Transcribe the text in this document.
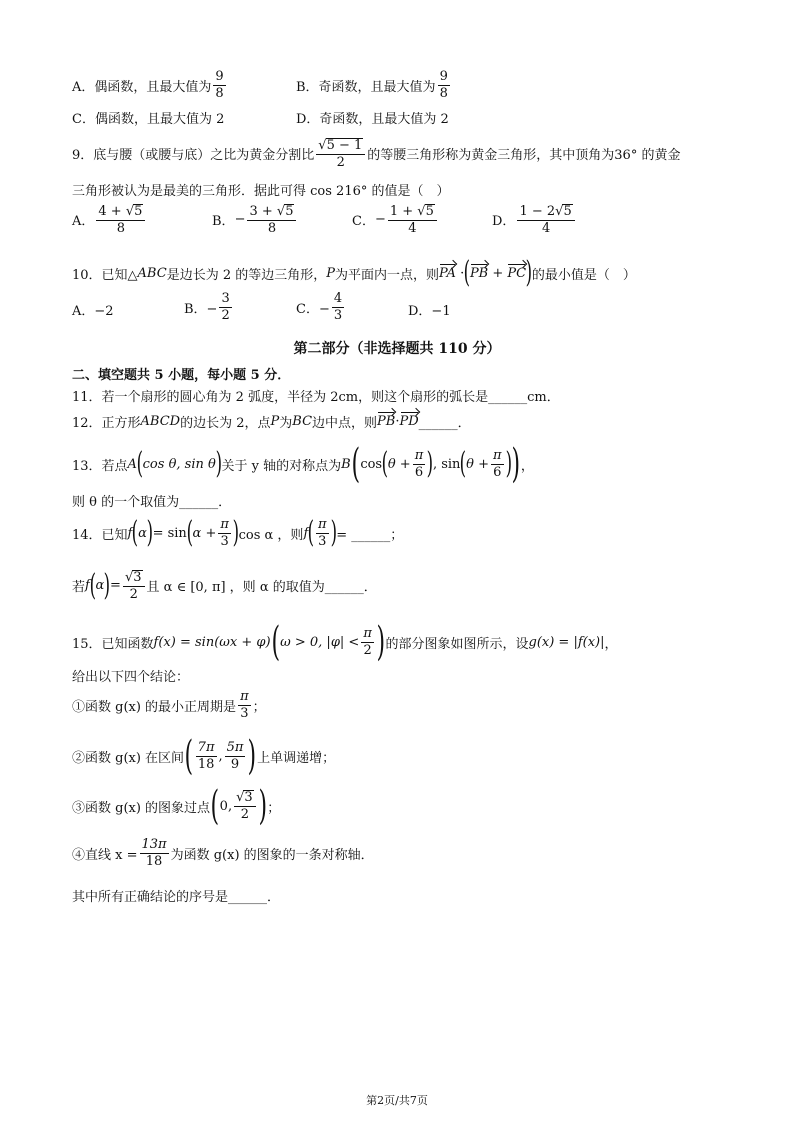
A．偶函数，且最大值为 $\frac{9}{8}$	B．奇函数，且最大值为 $\frac{9}{8}$
C．偶函数，且最大值为 2	D．奇函数，且最大值为 2
9．底与腰（或腰与底）之比为黄金分割比 $\frac{√5 - 1}{2}$ 的等腰三角形称为黄金三角形，其中顶角为36° 的黄金
三角形被认为是最美的三角形．据此可得 cos 216° 的值是（　）
A． $\frac{4 + √5}{8}$	B． − $\frac{3 + √5}{8}$	C． − $\frac{1 + √5}{4}$	D． $\frac{1 - 2√5}{4}$
10．已知△ ABC 是边长为 2 的等边三角形， P 为平面内一点，则 PA · ( PB + PC ) 的最小值是（　）
A．−2	B．− $\frac{3}{2}$	C．− $\frac{4}{3}$	D．−1
第二部分（非选择题共 110 分）
二、填空题共 5 小题，每小题 5 分．
11．若一个扇形的圆心角为 2 弧度，半径为 2cm，则这个扇形的弧长是______cm．
12．正方形 ABCD 的边长为 2，点 P 为 BC 边中点，则 PB · PD ______．
13．若点 A ( cos θ, sin θ ) 关于 y 轴的对称点为 B ( cos ( $\theta + \frac{\pi}{6}$ ) , sin ( $\theta + \frac{\pi}{6}$ ) ) ，
则 θ 的一个取值为______．
14．已知 f ( α ) = sin ( $\alpha + \frac{\pi}{3}$ ) cos α ，则 f ( $\frac{\pi}{3}$ ) = ______；
若 f ( α ) = $\frac{√3}{2}$ 且 α ∈ [0, π] ，则 α 的取值为______．
15．已知函数 f(x) = sin(ωx + φ) ( ω > 0, $|\varphi| < \frac{\pi}{2}$ ) 的部分图象如图所示，设 g(x) = |f(x)| ，
给出以下四个结论：
①函数 g(x) 的最小正周期是 $\frac{\pi}{3}$ ；
②函数 g(x) 在区间 ( $\frac{7\pi}{18}$ , $\frac{5\pi}{9}$ ) 上单调递增；
③函数 g(x) 的图象过点 ( 0, $\frac{√3}{2}$ ) ；
④直线 $x = \frac{13\pi}{18}$ 为函数 g(x) 的图象的一条对称轴．
其中所有正确结论的序号是______．
第2页/共7页
